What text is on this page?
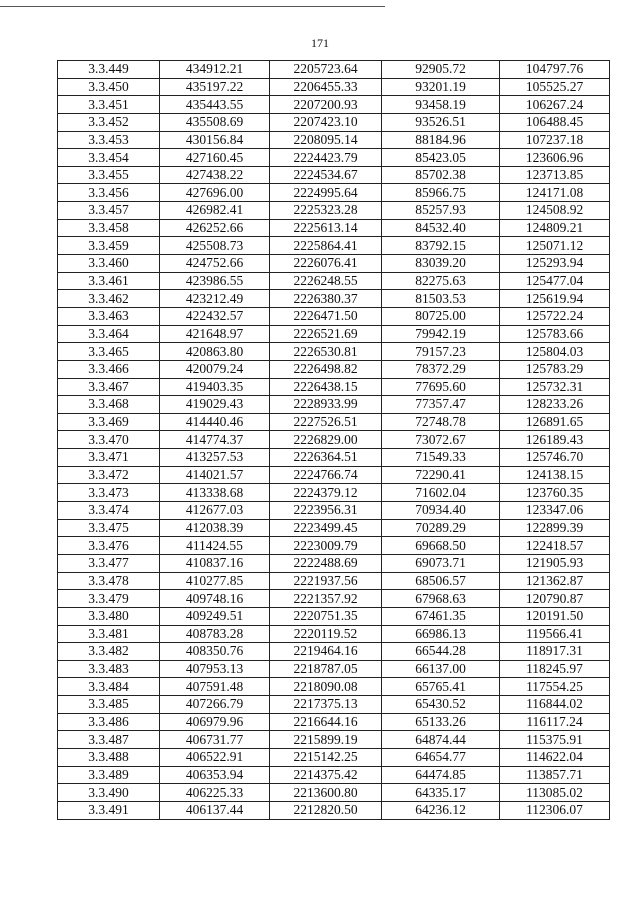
171
3.3.449	434912.21	2205723.64	92905.72	104797.76
3.3.450	435197.22	2206455.33	93201.19	105525.27
3.3.451	435443.55	2207200.93	93458.19	106267.24
3.3.452	435508.69	2207423.10	93526.51	106488.45
3.3.453	430156.84	2208095.14	88184.96	107237.18
3.3.454	427160.45	2224423.79	85423.05	123606.96
3.3.455	427438.22	2224534.67	85702.38	123713.85
3.3.456	427696.00	2224995.64	85966.75	124171.08
3.3.457	426982.41	2225323.28	85257.93	124508.92
3.3.458	426252.66	2225613.14	84532.40	124809.21
3.3.459	425508.73	2225864.41	83792.15	125071.12
3.3.460	424752.66	2226076.41	83039.20	125293.94
3.3.461	423986.55	2226248.55	82275.63	125477.04
3.3.462	423212.49	2226380.37	81503.53	125619.94
3.3.463	422432.57	2226471.50	80725.00	125722.24
3.3.464	421648.97	2226521.69	79942.19	125783.66
3.3.465	420863.80	2226530.81	79157.23	125804.03
3.3.466	420079.24	2226498.82	78372.29	125783.29
3.3.467	419403.35	2226438.15	77695.60	125732.31
3.3.468	419029.43	2228933.99	77357.47	128233.26
3.3.469	414440.46	2227526.51	72748.78	126891.65
3.3.470	414774.37	2226829.00	73072.67	126189.43
3.3.471	413257.53	2226364.51	71549.33	125746.70
3.3.472	414021.57	2224766.74	72290.41	124138.15
3.3.473	413338.68	2224379.12	71602.04	123760.35
3.3.474	412677.03	2223956.31	70934.40	123347.06
3.3.475	412038.39	2223499.45	70289.29	122899.39
3.3.476	411424.55	2223009.79	69668.50	122418.57
3.3.477	410837.16	2222488.69	69073.71	121905.93
3.3.478	410277.85	2221937.56	68506.57	121362.87
3.3.479	409748.16	2221357.92	67968.63	120790.87
3.3.480	409249.51	2220751.35	67461.35	120191.50
3.3.481	408783.28	2220119.52	66986.13	119566.41
3.3.482	408350.76	2219464.16	66544.28	118917.31
3.3.483	407953.13	2218787.05	66137.00	118245.97
3.3.484	407591.48	2218090.08	65765.41	117554.25
3.3.485	407266.79	2217375.13	65430.52	116844.02
3.3.486	406979.96	2216644.16	65133.26	116117.24
3.3.487	406731.77	2215899.19	64874.44	115375.91
3.3.488	406522.91	2215142.25	64654.77	114622.04
3.3.489	406353.94	2214375.42	64474.85	113857.71
3.3.490	406225.33	2213600.80	64335.17	113085.02
3.3.491	406137.44	2212820.50	64236.12	112306.07
